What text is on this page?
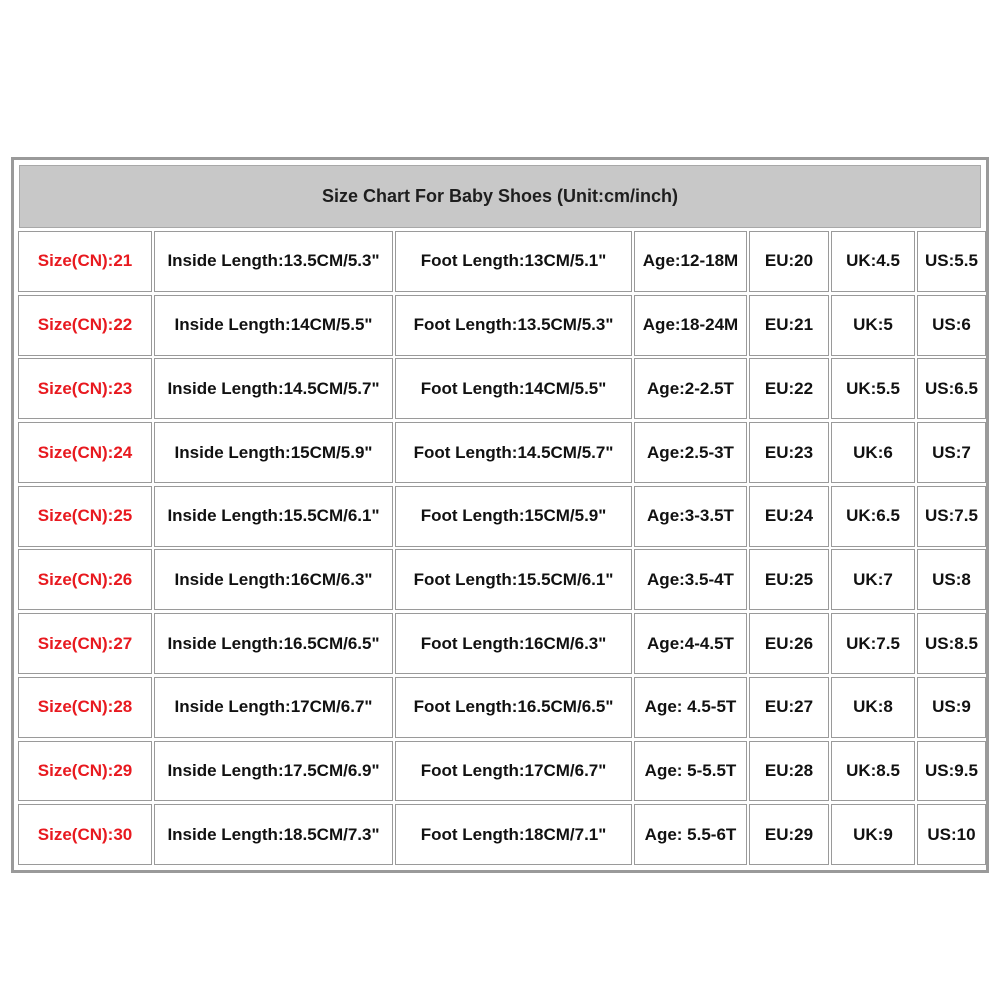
Size Chart For Baby Shoes (Unit:cm/inch)
Size(CN):21	Inside Length:13.5CM/5.3"	Foot Length:13CM/5.1"	Age:12-18M	EU:20	UK:4.5	US:5.5
Size(CN):22	Inside Length:14CM/5.5"	Foot Length:13.5CM/5.3"	Age:18-24M	EU:21	UK:5	US:6
Size(CN):23	Inside Length:14.5CM/5.7"	Foot Length:14CM/5.5"	Age:2-2.5T	EU:22	UK:5.5	US:6.5
Size(CN):24	Inside Length:15CM/5.9"	Foot Length:14.5CM/5.7"	Age:2.5-3T	EU:23	UK:6	US:7
Size(CN):25	Inside Length:15.5CM/6.1"	Foot Length:15CM/5.9"	Age:3-3.5T	EU:24	UK:6.5	US:7.5
Size(CN):26	Inside Length:16CM/6.3"	Foot Length:15.5CM/6.1"	Age:3.5-4T	EU:25	UK:7	US:8
Size(CN):27	Inside Length:16.5CM/6.5"	Foot Length:16CM/6.3"	Age:4-4.5T	EU:26	UK:7.5	US:8.5
Size(CN):28	Inside Length:17CM/6.7"	Foot Length:16.5CM/6.5"	Age: 4.5-5T	EU:27	UK:8	US:9
Size(CN):29	Inside Length:17.5CM/6.9"	Foot Length:17CM/6.7"	Age: 5-5.5T	EU:28	UK:8.5	US:9.5
Size(CN):30	Inside Length:18.5CM/7.3"	Foot Length:18CM/7.1"	Age: 5.5-6T	EU:29	UK:9	US:10
